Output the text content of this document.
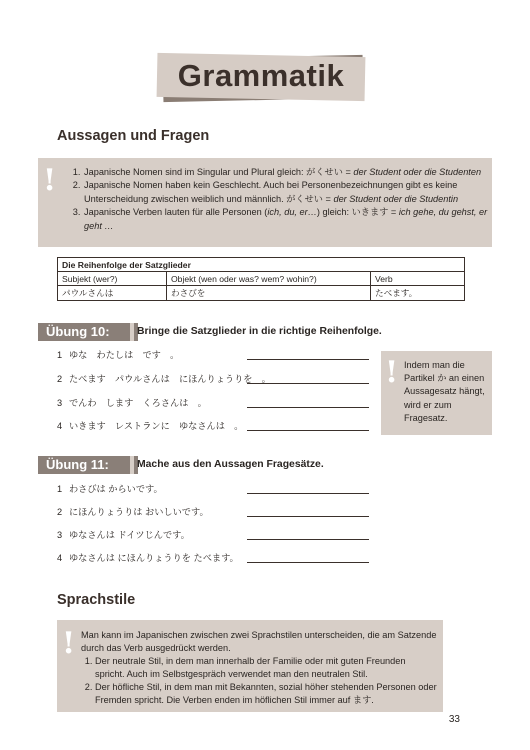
Grammatik
Aussagen und Fragen
!	1. Japanische Nomen sind im Singular und Plural gleich: がくせい = der Student oder die Studenten
2. Japanische Nomen haben kein Geschlecht. Auch bei Personenbezeichnungen gibt es keine Unterscheidung zwischen weiblich und männlich. がくせい = der Student oder die Studentin
3. Japanische Verben lauten für alle Personen (ich, du, er…) gleich: いきます = ich gehe, du gehst, er geht …
Die Reihenfolge der Satzglieder		
Subjekt (wer?)	Objekt (wen oder was? wem? wohin?)	Verb
パウルさんは	わさびを	たべます。
Übung 10:	Bringe die Satzglieder in die richtige Reihenfolge.
1 ゆな　わたしは　です　。
2 たべます　パウルさんは　にほんりょうりを　。
3 でんわ　します　くろさんは　。
4 いきます　レストランに　ゆなさんは　。
! Indem man die Partikel か an einen Aussagesatz hängt, wird er zum Fragesatz.
Übung 11:	Mache aus den Aussagen Fragesätze.
1 わさびは からいです。
2 にほんりょうりは おいしいです。
3 ゆなさんは ドイツじんです。
4 ゆなさんは にほんりょうりを たべます。
Sprachstile
! Man kann im Japanischen zwischen zwei Sprachstilen unterscheiden, die am Satzende durch das Verb ausgedrückt werden.
1. Der neutrale Stil, in dem man innerhalb der Familie oder mit guten Freunden spricht. Auch im Selbstgespräch verwendet man den neutralen Stil.
2. Der höfliche Stil, in dem man mit Bekannten, sozial höher stehenden Personen oder Fremden spricht. Die Verben enden im höflichen Stil immer auf ます.
33
